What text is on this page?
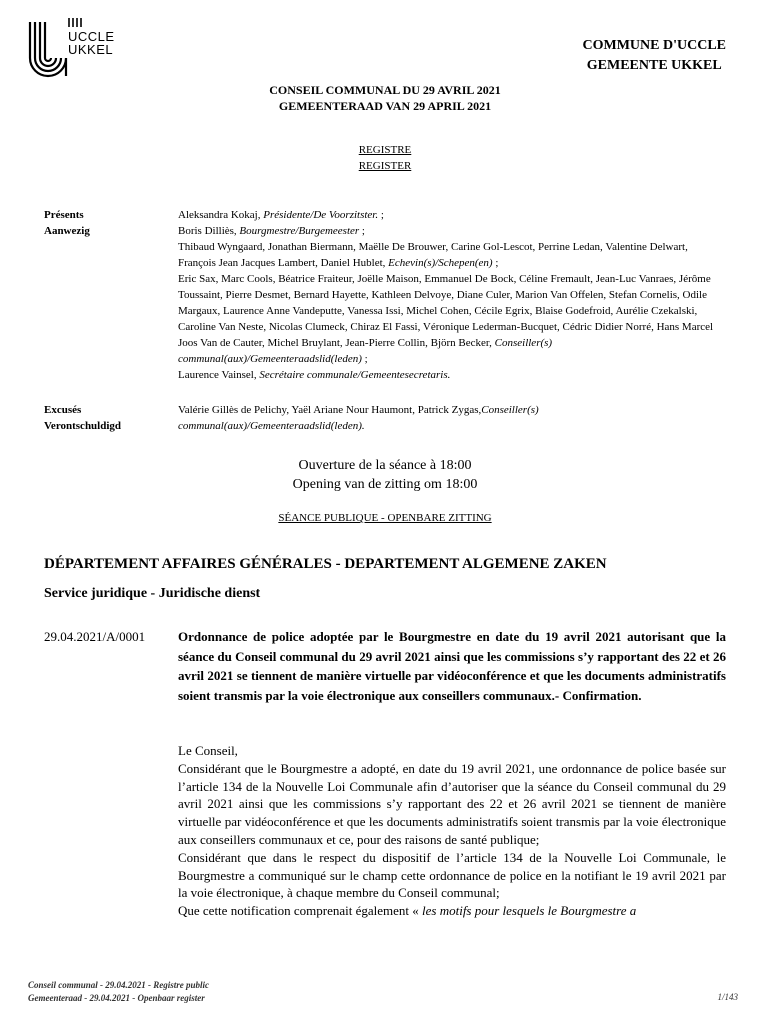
UCCLE
UKKEL	COMMUNE D'UCCLE
GEMEENTE UKKEL
CONSEIL COMMUNAL DU 29 AVRIL 2021
GEMEENTERAAD VAN 29 APRIL 2021
REGISTRE
REGISTER
Présents
Aanwezig
Aleksandra Kokaj, Présidente/De Voorzitster. ;
Boris Dilliès, Bourgmestre/Burgemeester ;
Thibaud Wyngaard, Jonathan Biermann, Maëlle De Brouwer, Carine Gol-Lescot, Perrine Ledan, Valentine Delwart, François Jean Jacques Lambert, Daniel Hublet, Echevin(s)/Schepen(en) ;
Eric Sax, Marc Cools, Béatrice Fraiteur, Joëlle Maison, Emmanuel De Bock, Céline Fremault, Jean-Luc Vanraes, Jérôme Toussaint, Pierre Desmet, Bernard Hayette, Kathleen Delvoye, Diane Culer, Marion Van Offelen, Stefan Cornelis, Odile Margaux, Laurence Anne Vandeputte, Vanessa Issi, Michel Cohen, Cécile Egrix, Blaise Godefroid, Aurélie Czekalski, Caroline Van Neste, Nicolas Clumeck, Chiraz El Fassi, Véronique Lederman-Bucquet, Cédric Didier Norré, Hans Marcel Joos Van de Cauter, Michel Bruylant, Jean-Pierre Collin, Björn Becker, Conseiller(s) communal(aux)/Gemeenteraadslid(leden) ;
Laurence Vainsel, Secrétaire communale/Gemeentesecretaris.
Excusés
Verontschuldigd
Valérie Gillès de Pelichy, Yaël Ariane Nour Haumont, Patrick Zygas,Conseiller(s) communal(aux)/Gemeenteraadslid(leden).
Ouverture de la séance à 18:00
Opening van de zitting om 18:00
SÉANCE PUBLIQUE - OPENBARE ZITTING
DÉPARTEMENT AFFAIRES GÉNÉRALES - DEPARTEMENT ALGEMENE ZAKEN
Service juridique - Juridische dienst
29.04.2021/A/0001	Ordonnance de police adoptée par le Bourgmestre en date du 19 avril 2021 autorisant que la séance du Conseil communal du 29 avril 2021 ainsi que les commissions s’y rapportant des 22 et 26 avril 2021 se tiennent de manière virtuelle par vidéoconférence et que les documents administratifs soient transmis par la voie électronique aux conseillers communaux.- Confirmation.

Le Conseil,

Considérant que le Bourgmestre a adopté, en date du 19 avril 2021, une ordonnance de police basée sur l’article 134 de la Nouvelle Loi Communale afin d’autoriser que la séance du Conseil communal du 29 avril 2021 ainsi que les commissions s’y rapportant des 22 et 26 avril 2021 se tiennent de manière virtuelle par vidéoconférence et que les documents administratifs soient transmis par la voie électronique aux conseillers communaux et ce, pour des raisons de santé publique;

Considérant que dans le respect du dispositif de l’article 134 de la Nouvelle Loi Communale, le Bourgmestre a communiqué sur le champ cette ordonnance de police en la notifiant le 19 avril 2021 par la voie électronique, à chaque membre du Conseil communal;

Que cette notification comprenait également « les motifs pour lesquels le Bourgmestre a

Conseil communal - 29.04.2021 - Registre public
Gemeenteraad - 29.04.2021 - Openbaar register	1/143
